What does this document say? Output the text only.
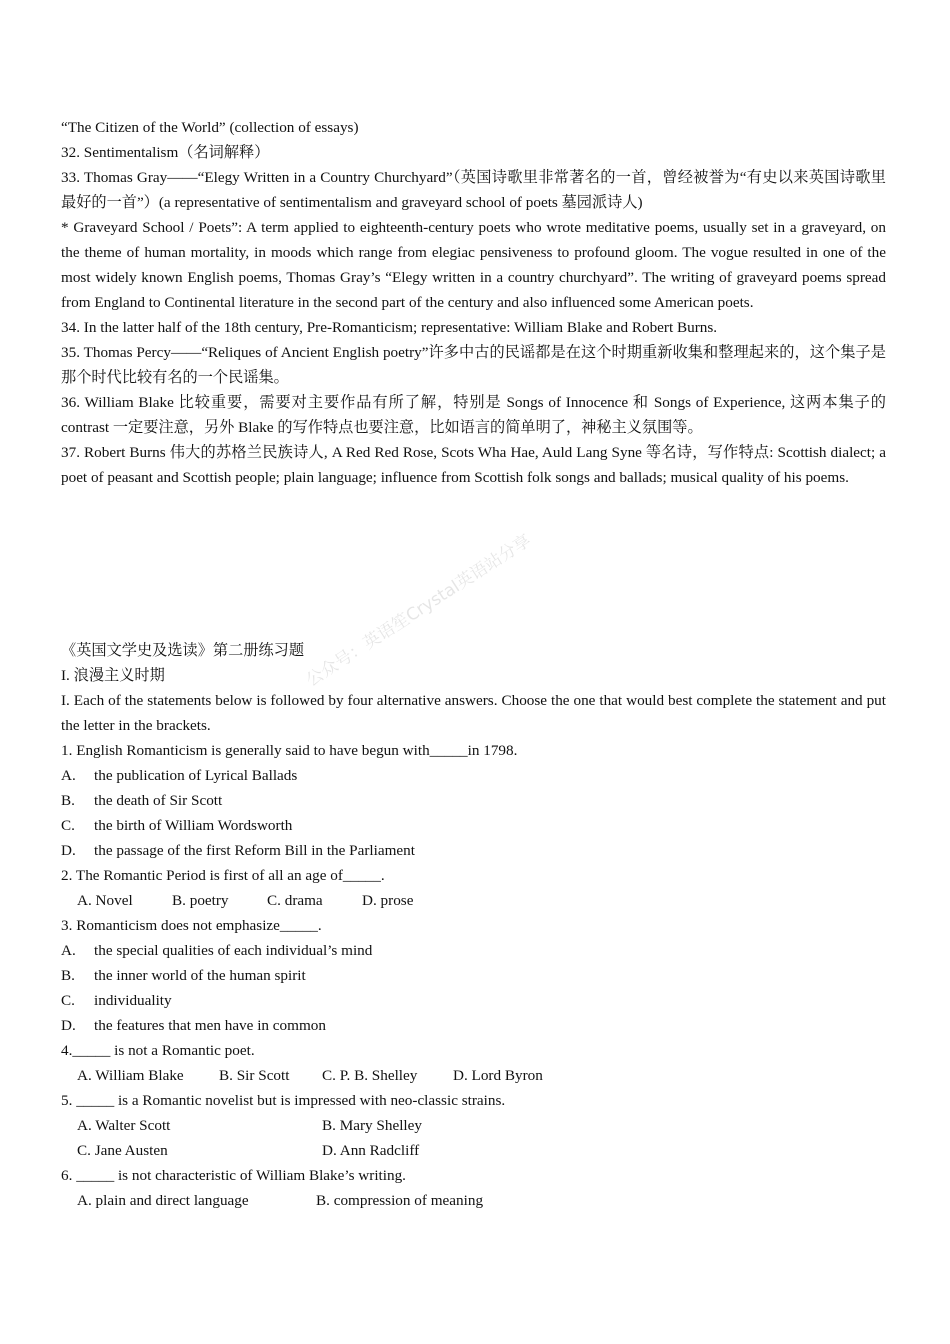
“The Citizen of the World” (collection of essays)

32. Sentimentalism（名词解释）

33. Thomas Gray——“Elegy Written in a Country Churchyard”（英国诗歌里非常著名的一首，曾经被誉为“有史以来英国诗歌里最好的一首”）(a representative of sentimentalism and graveyard school of poets 墓园派诗人)

* Graveyard School / Poets”: A term applied to eighteenth-century poets who wrote meditative poems, usually set in a graveyard, on the theme of human mortality, in moods which range from elegiac pensiveness to profound gloom. The vogue resulted in one of the most widely known English poems, Thomas Gray’s “Elegy written in a country churchyard”. The writing of graveyard poems spread from England to Continental literature in the second part of the century and also influenced some American poets.

34. In the latter half of the 18th century, Pre-Romanticism; representative: William Blake and Robert Burns.

35. Thomas Percy——“Reliques of Ancient English poetry”许多中古的民谣都是在这个时期重新收集和整理起来的，这个集子是那个时代比较有名的一个民谣集。

36. William Blake 比较重要，需要对主要作品有所了解，特别是 Songs of Innocence 和 Songs of Experience, 这两本集子的 contrast 一定要注意，另外 Blake 的写作特点也要注意，比如语言的简单明了，神秘主义氛围等。

37. Robert Burns 伟大的苏格兰民族诗人, A Red Red Rose, Scots Wha Hae, Auld Lang Syne 等名诗，写作特点: Scottish dialect; a poet of peasant and Scottish people; plain language; influence from Scottish folk songs and ballads; musical quality of his poems.

《英国文学史及选读》第二册练习题

I. 浪漫主义时期

I. Each of the statements below is followed by four alternative answers. Choose the one that would best complete the statement and put the letter in the brackets.

1. English Romanticism is generally said to have begun with_____in 1798.

A.	the publication of Lyrical Ballads
B.	the death of Sir Scott
C.	the birth of William Wordsworth
D.	the passage of the first Reform Bill in the Parliament

2. The Romantic Period is first of all an age of_____.

A. Novel	B. poetry	C. drama	D. prose

3. Romanticism does not emphasize_____.

A.	the special qualities of each individual’s mind
B.	the inner world of the human spirit
C.	individuality
D.	the features that men have in common

4._____ is not a Romantic poet.

A. William Blake	B. Sir Scott	C. P. B. Shelley	D. Lord Byron

5. _____ is a Romantic novelist but is impressed with neo-classic strains.

A. Walter Scott	B. Mary Shelley
C. Jane Austen	D. Ann Radcliff

6. _____ is not characteristic of William Blake’s writing.

A. plain and direct language	B. compression of meaning
公众号：英语笙Crystal英语站分享
